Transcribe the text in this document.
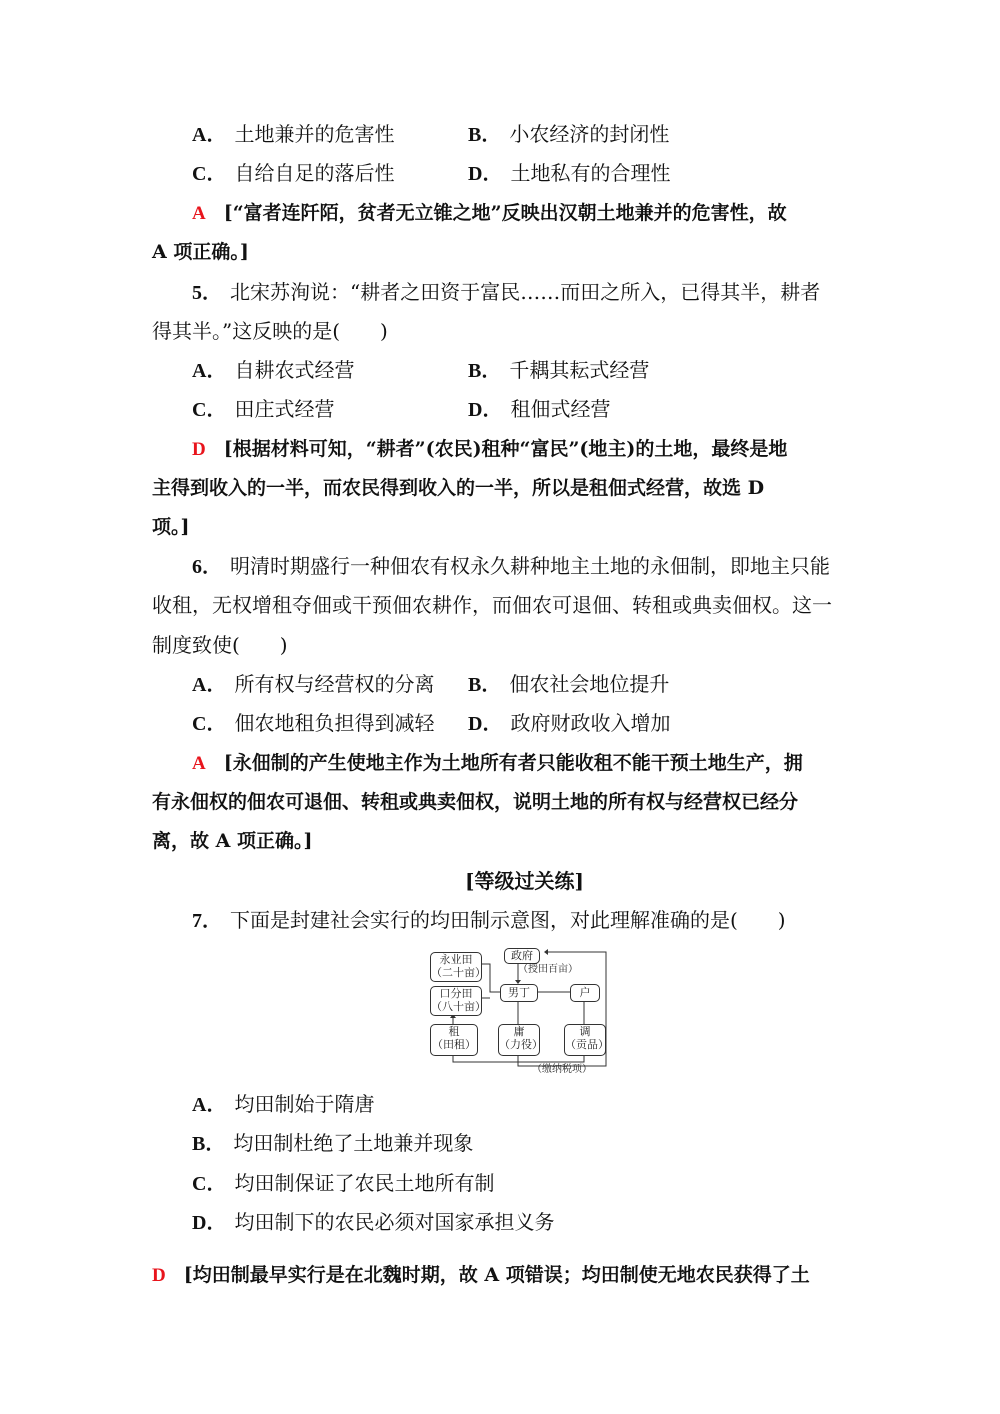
A． 土地兼并的危害性	B． 小农经济的封闭性
C． 自给自足的落后性	D． 土地私有的合理性
A [“富者连阡陌，贫者无立锥之地”反映出汉朝土地兼并的危害性，故
A 项正确。]
5． 北宋苏洵说：“耕者之田资于富民……而田之所入，已得其半，耕者
得其半。”这反映的是(　　)
A． 自耕农式经营	B． 千耦其耘式经营
C． 田庄式经营	D． 租佃式经营
D [根据材料可知，“耕者”(农民)租种“富民”(地主)的土地，最终是地
主得到收入的一半，而农民得到收入的一半，所以是租佃式经营，故选 D
项。]
6． 明清时期盛行一种佃农有权永久耕种地主土地的永佃制，即地主只能
收租，无权增租夺佃或干预佃农耕作，而佃农可退佃、转租或典卖佃权。这一
制度致使(　　)
A． 所有权与经营权的分离 B． 佃农社会地位提升
C． 佃农地租负担得到减轻 D． 政府财政收入增加
A [永佃制的产生使地主作为土地所有者只能收租不能干预土地生产，拥
有永佃权的佃农可退佃、转租或典卖佃权，说明土地的所有权与经营权已经分
离，故 A 项正确。]
[等级过关练]
7． 下面是封建社会实行的均田制示意图，对此理解准确的是(　　)
政府
（授田百亩）
永业田
（二十亩）
口分田
（八十亩）
男丁	户
租
（田租）
庸
（力役）
调
（贡品）
（缴纳税项）
A． 均田制始于隋唐
B． 均田制杜绝了土地兼并现象
C． 均田制保证了农民土地所有制
D． 均田制下的农民必须对国家承担义务
D [均田制最早实行是在北魏时期，故 A 项错误；均田制使无地农民获得了土
